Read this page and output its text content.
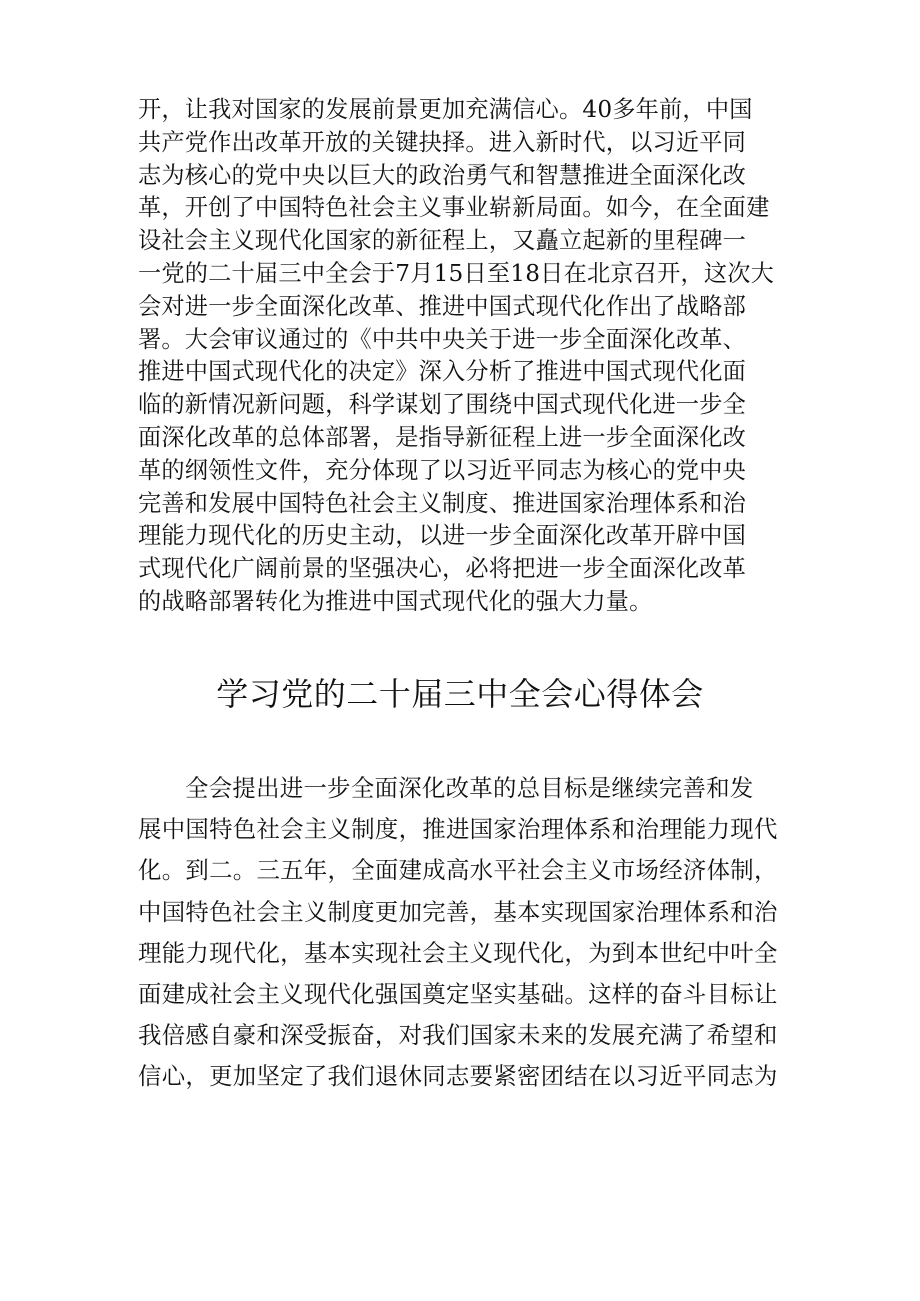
开，让我对国家的发展前景更加充满信心。40多年前，中国
共产党作出改革开放的关键抉择。进入新时代，以习近平同
志为核心的党中央以巨大的政治勇气和智慧推进全面深化改
革，开创了中国特色社会主义事业崭新局面。如今，在全面建
设社会主义现代化国家的新征程上，又矗立起新的里程碑一
一党的二十届三中全会于7月15日至18日在北京召开，这次大
会对进一步全面深化改革、推进中国式现代化作出了战略部
署。大会审议通过的《中共中央关于进一步全面深化改革、
推进中国式现代化的决定》深入分析了推进中国式现代化面
临的新情况新问题，科学谋划了围绕中国式现代化进一步全
面深化改革的总体部署，是指导新征程上进一步全面深化改
革的纲领性文件，充分体现了以习近平同志为核心的党中央
完善和发展中国特色社会主义制度、推进国家治理体系和治
理能力现代化的历史主动，以进一步全面深化改革开辟中国
式现代化广阔前景的坚强决心，必将把进一步全面深化改革
的战略部署转化为推进中国式现代化的强大力量。
学习党的二十届三中全会心得体会
全会提出进一步全面深化改革的总目标是继续完善和发
展中国特色社会主义制度，推进国家治理体系和治理能力现代
化。到二。三五年，全面建成高水平社会主义市场经济体制，
中国特色社会主义制度更加完善，基本实现国家治理体系和治
理能力现代化，基本实现社会主义现代化，为到本世纪中叶全
面建成社会主义现代化强国奠定坚实基础。这样的奋斗目标让
我倍感自豪和深受振奋，对我们国家未来的发展充满了希望和
信心，更加坚定了我们退休同志要紧密团结在以习近平同志为
